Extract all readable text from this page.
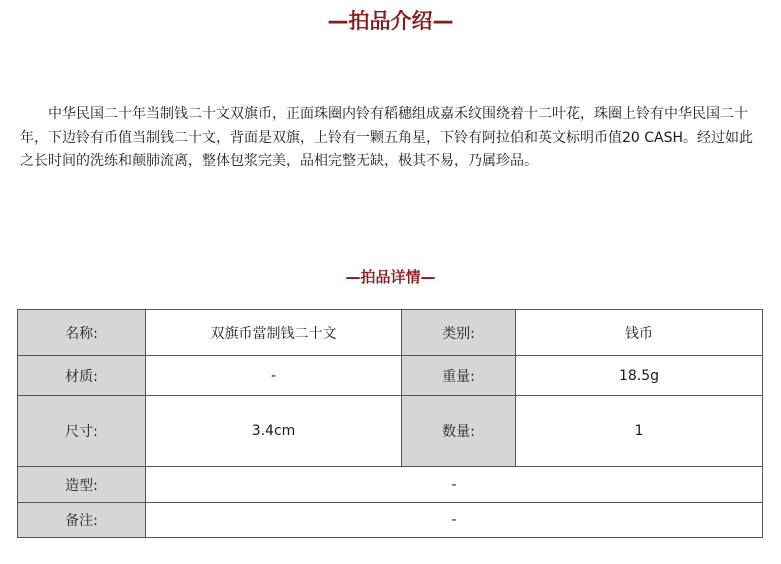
—拍品介绍—

中华民国二十年当制钱二十文双旗币，正面珠圈内铃有稻穗组成嘉禾纹围绕着十二叶花，珠圈上铃有中华民国二十年，下边铃有币值当制钱二十文，背面是双旗，上铃有一颗五角星，下铃有阿拉伯和英文标明币值20 CASH。经过如此之长时间的洗练和颠肺流离，整体包浆完美，品相完整无缺，极其不易，乃属珍品。

—拍品详情—
名称:	双旗币當制钱二十文	类别:	钱币
材质:	-	重量:	18.5g
尺寸:	3.4cm	数量:	1
造型:	-		
备注:	-		
